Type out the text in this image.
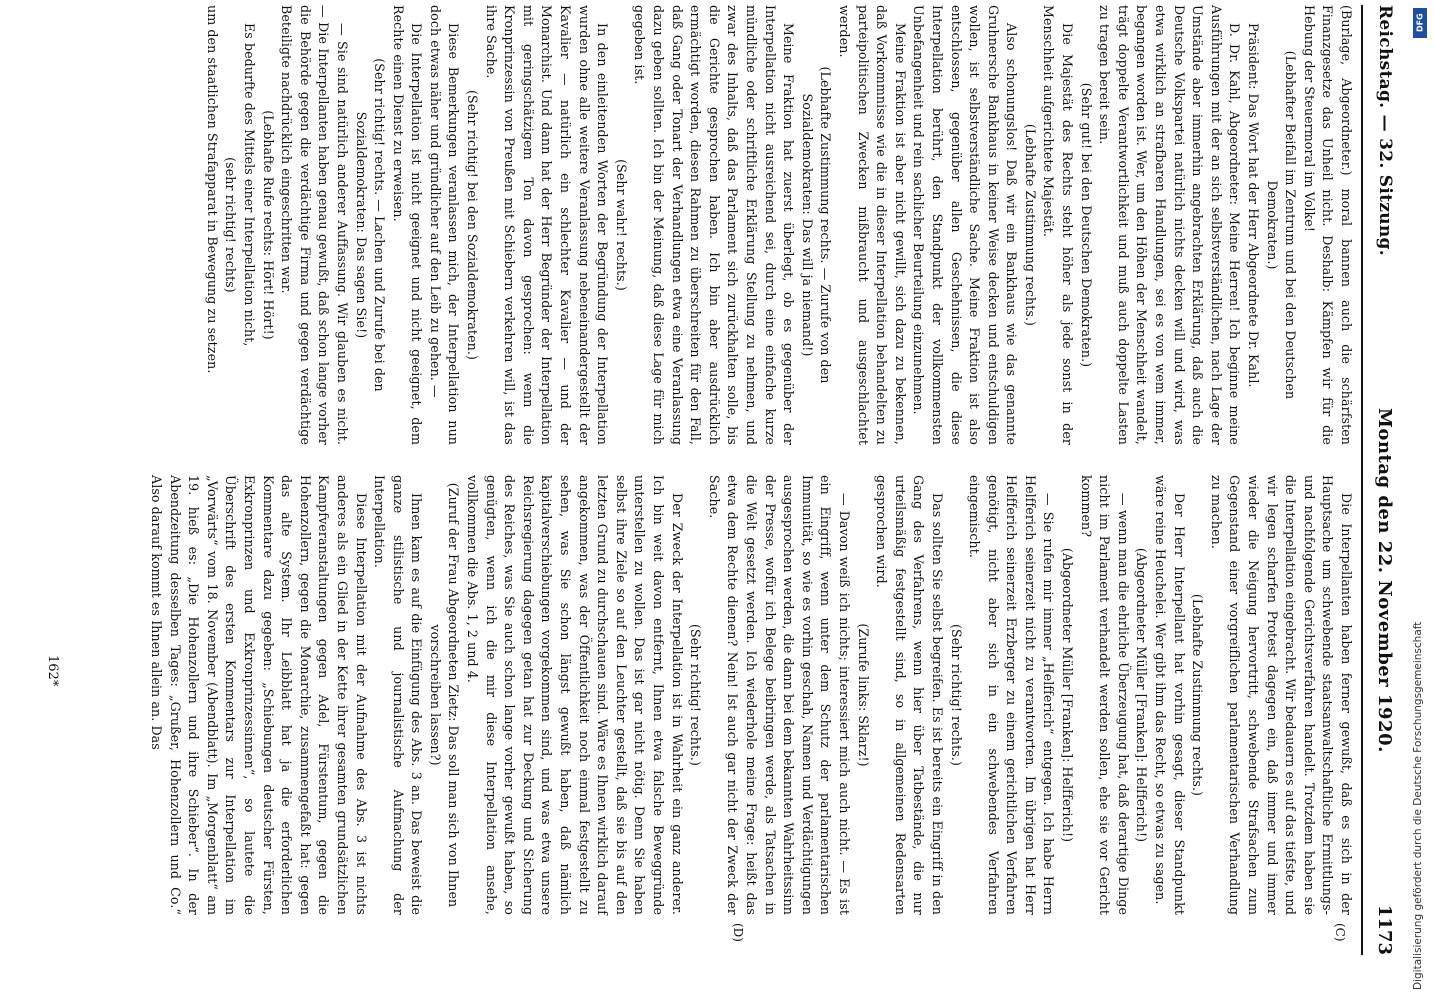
Reichstag. — 32. Sitzung.
Montag den 22. November 1920.
1173
(C)
(D)

(Burlage, Abgeordneter.) moral bannen auch die schärfsten Finanzgesetze das Unheil nicht. Deshalb: Kämpfen wir für die Hebung der Steuermoral im Volke!

(Lebhafter Beifall im Zentrum und bei den Deutschen Demokraten.)

Präsident: Das Wort hat der Herr Abgeordnete Dr. Kahl.

D. Dr. Kahl, Abgeordneter: Meine Herren! Ich beginne meine Ausführungen mit der an sich selbstverständlichen, nach Lage der Umstände aber immerhin angebrachten Erklärung, daß auch die Deutsche Volkspartei natürlich nichts decken will und wird, was etwa wirklich an strafbaren Handlungen, sei es von wem immer, begangen worden ist. Wer, um den Höhen der Menschheit wandelt, trägt doppelte Verantwortlichkeit und muß auch doppelte Lasten zu tragen bereit sein.

(Sehr gut! bei den Deutschen Demokraten.)

Die Majestät des Rechts steht höher als jede sonst in der Menschheit aufgerichtete Majestät.

(Lebhafte Zustimmung rechts.)

Also schonungslos! Daß wir ein Bankhaus wie das genannte Gruhnersche Bankhaus in keiner Weise decken und entschuldigen wollen, ist selbstverständliche Sache. Meine Fraktion ist also entschlossen, gegenüber allen Geschehnissen, die diese Interpellation berührt, den Standpunkt der vollkommensten Unbefangenheit und rein sachlicher Beurteilung einzunehmen.

Meine Fraktion ist aber nicht gewillt, sich dazu zu bekennen, daß Vorkommnisse wie die in dieser Interpellation behandelten zu parteipolitischen Zwecken mißbraucht und ausgeschlachtet werden.

(Lebhafte Zustimmung rechts. — Zurufe von den Sozialdemokraten: Das will ja niemand!)

Meine Fraktion hat zuerst überlegt, ob es gegenüber der Interpellation nicht ausreichend sei, durch eine einfache kurze mündliche oder schriftliche Erklärung Stellung zu nehmen, und zwar des Inhalts, daß das Parlament sich zurückhalten solle, bis die Gerichte gesprochen haben. Ich bin aber ausdrücklich ermächtigt worden, diesen Rahmen zu überschreiten für den Fall, daß Gang oder Tonart der Verhandlungen etwa eine Veranlassung dazu geben sollten. Ich bin der Meinung, daß diese Lage für mich gegeben ist.

(Sehr wahr! rechts.)

In den einleitenden Worten der Begründung der Interpellation wurden ohne alle weitere Veranlassung nebeneinandergestellt der Kavalier — natürlich ein schlechter Kavalier — und der Monarchist. Und dann hat der Herr Begründer der Interpellation mit geringschätzigem Ton davon gesprochen: wenn die Kronprinzessin von Preußen mit Schiebern verkehren will, ist das ihre Sache.

(Sehr richtig! bei den Sozialdemokraten.)

Diese Bemerkungen veranlassen mich, der Interpellation nun doch etwas näher und gründlicher auf den Leib zu gehen. —

Die Interpellation ist nicht geeignet und nicht geeignet, dem Rechte einen Dienst zu erweisen.

(Sehr richtig! rechts. — Lachen und Zurufe bei den Sozialdemokraten: Das sagen Sie!)

— Sie sind natürlich anderer Auffassung. Wir glauben es nicht. — Die Interpellanten haben genau gewußt, daß schon lange vorher die Behörde gegen die verdächtige Firma und gegen verdächtige Beteiligte nachdrücklich eingeschritten war.

(Lebhafte Rufe rechts: Hört! Hört!)

Es bedurfte des Mittels einer Interpellation nicht,

(sehr richtig! rechts)

um den staatlichen Strafapparat in Bewegung zu setzen.

Die Interpellanten haben ferner gewußt, daß es sich in der Hauptsache um schwebende staatsanwaltschaftliche Ermittlungs- und nachfolgende Gerichtsverfahren handelt. Trotzdem haben sie die Interpellation eingebracht. Wir bedauern es auf das tiefste, und wir legen scharfen Protest dagegen ein, daß immer und immer wieder die Neigung hervortritt, schwebende Strafsachen zum Gegenstand einer vorgreiflichen parlamentarischen Verhandlung zu machen.

(Lebhafte Zustimmung rechts.)

Der Herr Interpellant hat vorhin gesagt, dieser Standpunkt wäre reine Heuchelei. Wer gibt ihm das Recht, so etwas zu sagen.

(Abgeordneter Müller [Franken]: Helfferich!)

— wenn man die ehrliche Überzeugung hat, daß derartige Dinge nicht im Parlament verhandelt werden sollen, ehe sie vor Gericht kommen?

(Abgeordneter Müller [Franken]: Helfferich!)

— Sie rufen mir immer „Helfferich“ entgegen. Ich habe Herrn Helfferich seinerzeit nicht zu verantworten. Im übrigen hat Herr Helfferich seinerzeit Erzberger zu einem gerichtlichen Verfahren genötigt, nicht aber sich in ein schwebendes Verfahren eingemischt.

(Sehr richtig! rechts.)

Das sollten Sie selbst begreifen. Es ist bereits ein Eingriff in den Gang des Verfahrens, wenn hier über Tatbestände, die nur urteilsmäßig festgestellt sind, so in allgemeinen Redensarten gesprochen wird.

(Zurufe links: Sklarz!)

— Davon weiß ich nichts; interessiert mich auch nicht. — Es ist ein Eingriff, wenn unter dem Schutz der parlamentarischen Immunität, so wie es vorhin geschah, Namen und Verdächtigungen ausgesprochen werden, die dann bei dem bekannten Wahrheitssinn der Presse, wofür ich Belege beibringen werde, als Tatsachen in die Welt gesetzt werden. Ich wiederhole meine Frage: heißt das etwa dem Rechte dienen? Nein! Ist auch gar nicht der Zweck der Sache.

(Sehr richtig! rechts.)

Der Zweck der Interpellation ist in Wahrheit ein ganz anderer. Ich bin weit davon entfernt, Ihnen etwa falsche Beweggründe unterstellen zu wollen. Das ist gar nicht nötig. Denn Sie haben selbst ihre Ziele so auf den Leuchter gestellt, daß sie bis auf den letzten Grund zu durchschauen sind. Wäre es Ihnen wirklich darauf angekommen, was der Öffentlichkeit noch einmal festgestellt zu sehen, was Sie schon längst gewußt haben, daß nämlich kapitalverschiebungen vorgekommen sind, und was etwa unsere Reichsregierung dagegen getan hat zur Deckung und Sicherung des Reiches, was Sie auch schon lange vorher gewußt haben, so genügten, wenn ich die mir diese Interpellation ansehe, vollkommen die Abs. 1, 2 und 4.

(Zuruf der Frau Abgeordneten Zietz: Das soll man sich von Ihnen vorschreiben lassen?)

Ihnen kam es auf die Einfügung des Abs. 3 an. Das beweist die ganze stilistische und journalistische Aufmachung der Interpellation.

Diese Interpellation mit der Aufnahme des Abs. 3 ist nichts anderes als ein Glied in der Kette ihrer gesamten grundsätzlichen Kampfveranstaltungen gegen Adel, Fürstentum, gegen die Hohenzollern, gegen die Monarchie, zusammengefaßt hat: gegen das alte System. Ihr Leibblatt hat ja die erforderlichen Kommentare dazu gegeben: „Schiebungen deutscher Fürsten, Exkronprinzen und Exkronprinzessinnen“, so lautete die Überschrift des ersten Kommentars zur Interpellation im „Vorwärts“ vom 18. November (Abendblatt). Im „Morgenblatt“ am 19. hieß es: „Die Hohenzollern und ihre Schieber“. In der Abendzeitung desselben Tages: „Grußer, Hohenzollern und Co.“ Also darauf kommt es Ihnen allein an. Das

162*
DFG
Digitalisierung gefördert durch die Deutsche Forschungsgemeinschaft
